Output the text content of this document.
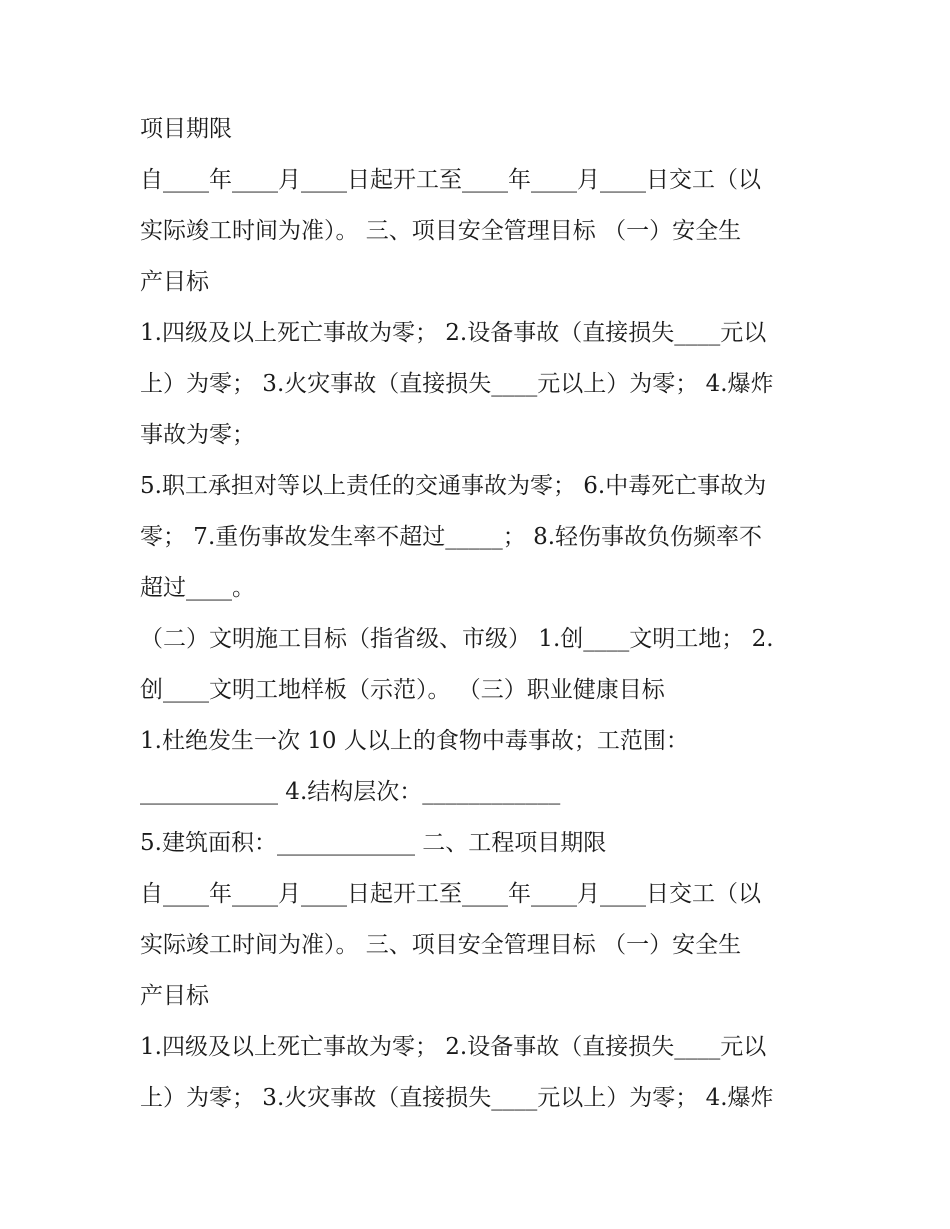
项目期限
自____年____月____日起开工至____年____月____日交工（以
实际竣工时间为准）。 三、项目安全管理目标 （一）安全生
产目标
1.四级及以上死亡事故为零； 2.设备事故（直接损失____元以
上）为零； 3.火灾事故（直接损失____元以上）为零； 4.爆炸
事故为零；
5.职工承担对等以上责任的交通事故为零； 6.中毒死亡事故为
零； 7.重伤事故发生率不超过_____； 8.轻伤事故负伤频率不
超过____。
（二）文明施工目标（指省级、市级） 1.创____文明工地； 2.
创____文明工地样板（示范）。 （三）职业健康目标
1.杜绝发生一次 10 人以上的食物中毒事故；工范围：
____________ 4.结构层次：____________
5.建筑面积：____________ 二、工程项目期限
自____年____月____日起开工至____年____月____日交工（以
实际竣工时间为准）。 三、项目安全管理目标 （一）安全生
产目标
1.四级及以上死亡事故为零； 2.设备事故（直接损失____元以
上）为零； 3.火灾事故（直接损失____元以上）为零； 4.爆炸
